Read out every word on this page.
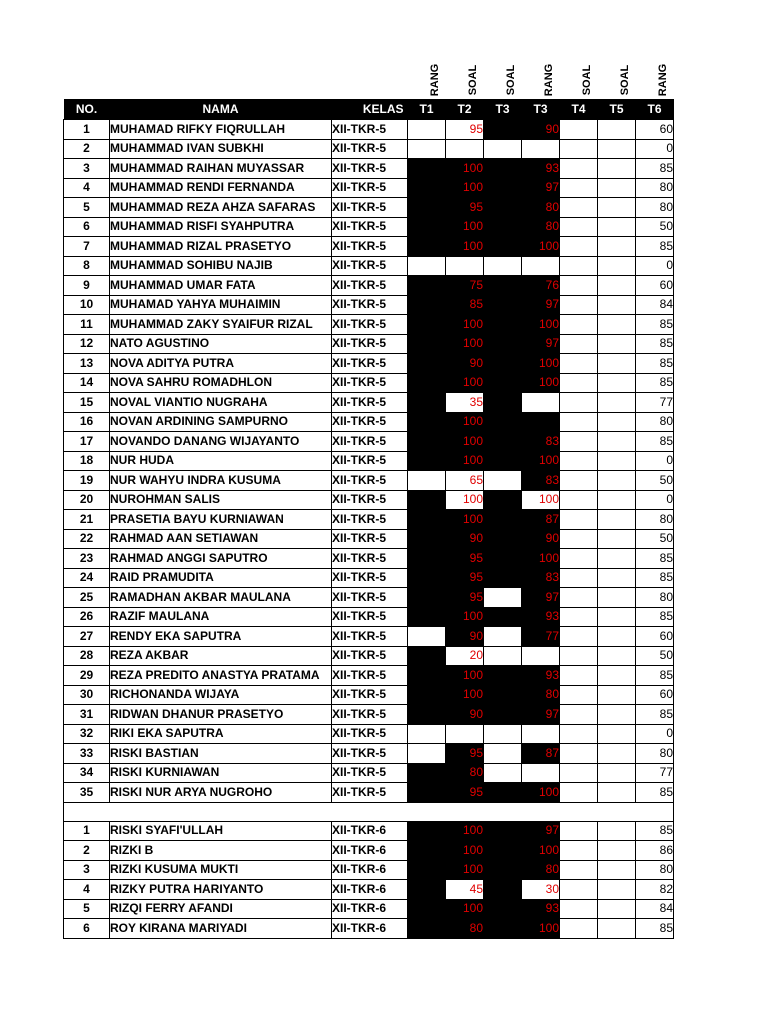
RANG SOAL SOAL RANG SOAL SOAL RANG
NO.	NAMA	KELAS	T1	T2	T3	T3	T4	T5	T6
1	MUHAMAD RIFKY FIQRULLAH	XII-TKR-5		95		90			60
2	MUHAMMAD IVAN SUBKHI	XII-TKR-5							0
3	MUHAMMAD RAIHAN MUYASSAR	XII-TKR-5		100		93			85
4	MUHAMMAD RENDI FERNANDA	XII-TKR-5		100		97			80
5	MUHAMMAD REZA AHZA SAFARAS	XII-TKR-5		95		80			80
6	MUHAMMAD RISFI SYAHPUTRA	XII-TKR-5		100		80			50
7	MUHAMMAD RIZAL PRASETYO	XII-TKR-5		100		100			85
8	MUHAMMAD SOHIBU NAJIB	XII-TKR-5							0
9	MUHAMMAD UMAR FATA	XII-TKR-5		75		76			60
10	MUHAMAD YAHYA MUHAIMIN	XII-TKR-5		85		97			84
11	MUHAMMAD ZAKY SYAIFUR RIZAL	XII-TKR-5		100		100			85
12	NATO AGUSTINO	XII-TKR-5		100		97			85
13	NOVA ADITYA PUTRA	XII-TKR-5		90		100			85
14	NOVA SAHRU ROMADHLON	XII-TKR-5		100		100			85
15	NOVAL VIANTIO NUGRAHA	XII-TKR-5		35					77
16	NOVAN ARDINING SAMPURNO	XII-TKR-5		100					80
17	NOVANDO DANANG WIJAYANTO	XII-TKR-5		100		83			85
18	NUR HUDA	XII-TKR-5		100		100			0
19	NUR WAHYU INDRA KUSUMA	XII-TKR-5		65		83			50
20	NUROHMAN SALIS	XII-TKR-5		100		100			0
21	PRASETIA BAYU KURNIAWAN	XII-TKR-5		100		87			80
22	RAHMAD AAN SETIAWAN	XII-TKR-5		90		90			50
23	RAHMAD ANGGI SAPUTRO	XII-TKR-5		95		100			85
24	RAID PRAMUDITA	XII-TKR-5		95		83			85
25	RAMADHAN AKBAR MAULANA	XII-TKR-5		95		97			80
26	RAZIF MAULANA	XII-TKR-5		100		93			85
27	RENDY EKA SAPUTRA	XII-TKR-5		90		77			60
28	REZA AKBAR	XII-TKR-5		20					50
29	REZA PREDITO ANASTYA PRATAMA	XII-TKR-5		100		93			85
30	RICHONANDA WIJAYA	XII-TKR-5		100		80			60
31	RIDWAN DHANUR PRASETYO	XII-TKR-5		90		97			85
32	RIKI EKA SAPUTRA	XII-TKR-5							0
33	RISKI BASTIAN	XII-TKR-5		95		87			80
34	RISKI KURNIAWAN	XII-TKR-5		80					77
35	RISKI NUR ARYA NUGROHO	XII-TKR-5		95		100			85

1	RISKI SYAFI'ULLAH	XII-TKR-6		100		97			85
2	RIZKI B	XII-TKR-6		100		100			86
3	RIZKI KUSUMA MUKTI	XII-TKR-6		100		80			80
4	RIZKY PUTRA HARIYANTO	XII-TKR-6		45		30			82
5	RIZQI FERRY AFANDI	XII-TKR-6		100		93			84
6	ROY KIRANA MARIYADI	XII-TKR-6		80		100			85
